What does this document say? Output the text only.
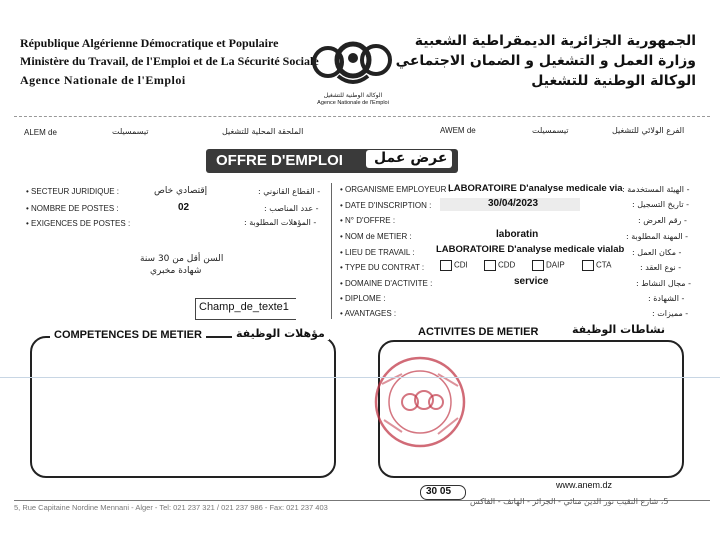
République Algérienne Démocratique et Populaire
Ministère du Travail, de l'Emploi et de La Sécurité Sociale
Agence Nationale de l'Emploi
الوكالة الوطنية للتشغيل
Agence Nationale de l'Emploi
الجمهورية الجزائرية الديمقراطية الشعبية
وزارة العمل و التشغيل و الضمان الاجتماعي
الوكالة الوطنية للتشغيل
ALEM de	تيسمسيلت	الملحقة المحلية للتشغيل	AWEM de	تيسمسيلت	الفرع الولائي للتشغيل
OFFRE D'EMPLOI عرض عمل
• SECTEUR JURIDIQUE :	إقتصادي خاص	- القطاع القانوني :
• NOMBRE DE POSTES :	02	- عدد المناصب :
• EXIGENCES DE POSTES :	- المؤهلات المطلوبة :
السن أقل من 30 سنة
شهادة مخبري
Champ_de_texte1
• ORGANISME EMPLOYEUR :
LABORATOIRE D'analyse medicale via - الهيئة المستخدمة :
• DATE D'INSCRIPTION :	30/04/2023	- تاريخ التسجيل :
• N° D'OFFRE :	- رقم العرض :
• NOM de METIER :	laboratin	- المهنة المطلوبة :
• LIEU DE TRAVAIL : LABORATOIRE D'analyse medicale vialab - مكان العمل :
• TYPE DU CONTRAT :	CDI	CDD	DAIP	CTA	- نوع العقد :
• DOMAINE D'ACTIVITE :	service	- مجال النشاط :
• DIPLOME :	- الشهادة :
• AVANTAGES :	- مميزات :
COMPETENCES DE METIER	مؤهلات الوظيفة	ACTIVITES DE METIER	نشاطات الوظيفة
www.anem.dz
30 05
5, Rue Capitaine Nordine Mennani - Alger - Tel: 021 237 321 / 021 237 986 - Fax: 021 237 403
5، شارع النقيب نور الدين منائي - الجزائر - الهاتف - الفاكس
